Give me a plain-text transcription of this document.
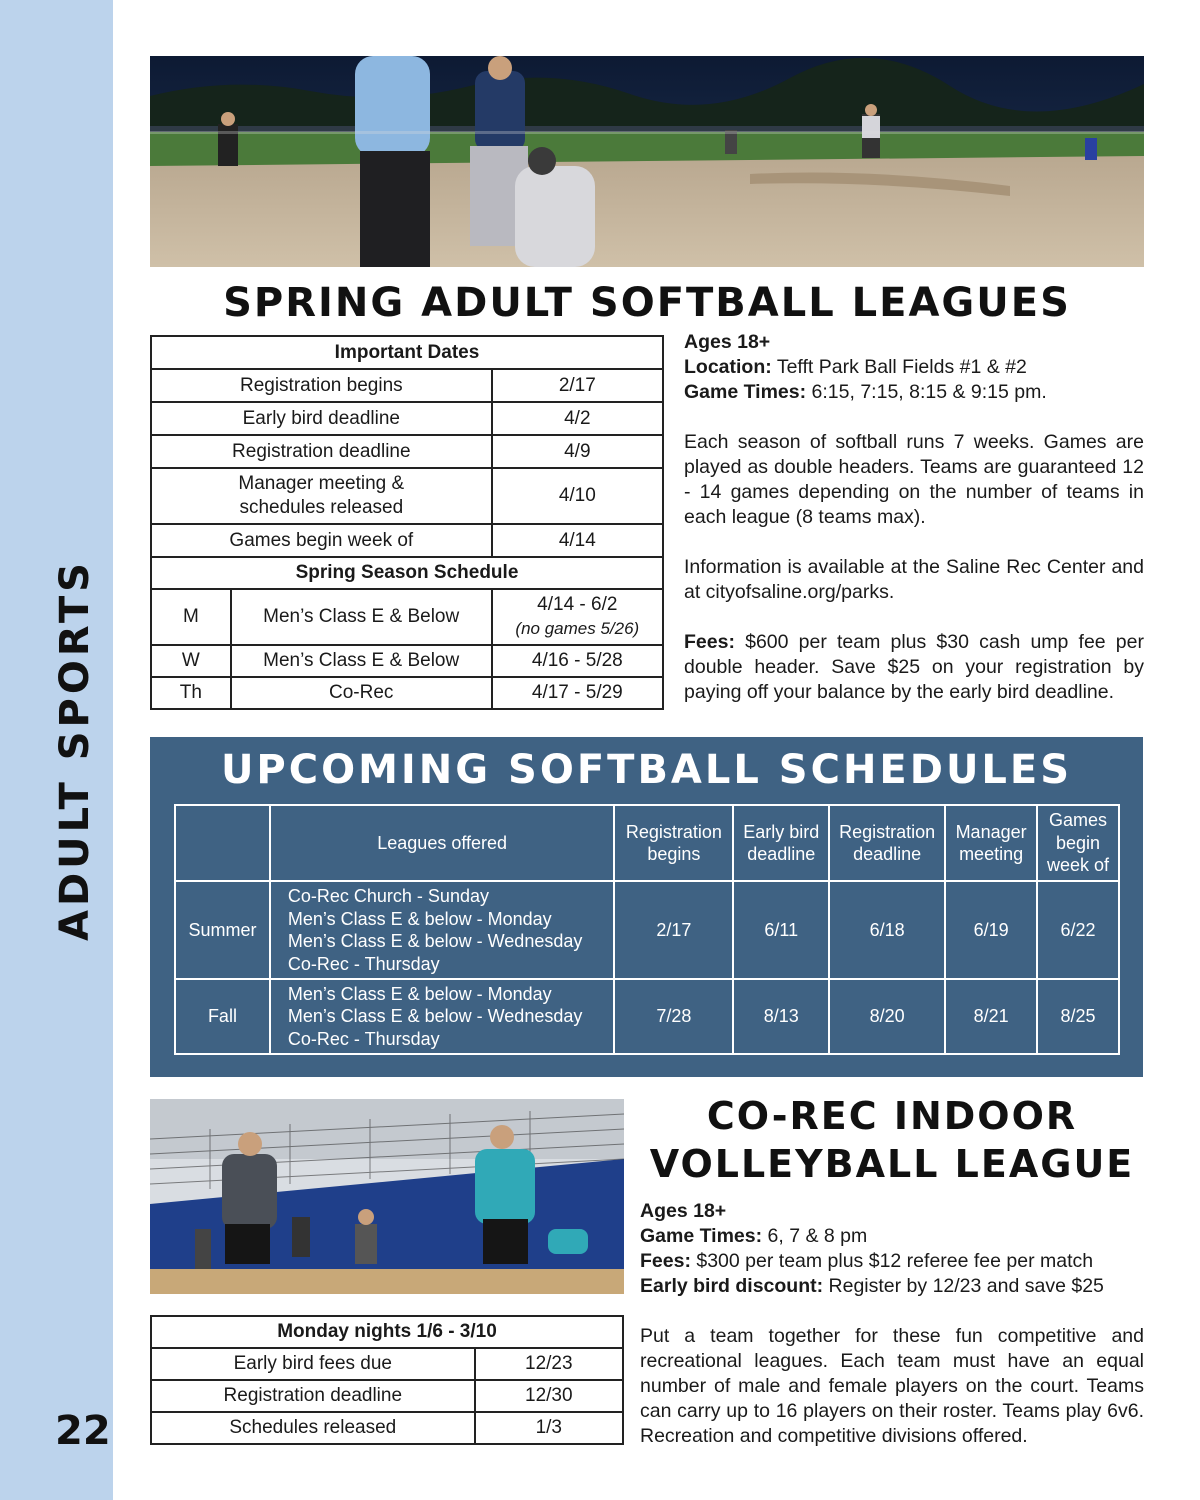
ADULT SPORTS
22
SPRING ADULT SOFTBALL LEAGUES
Important Dates		
Registration begins		2/17
Early bird deadline		4/2
Registration deadline		4/9
Manager meeting &
schedules released		4/10
Games begin week of		4/14
Spring Season Schedule		
M	Men’s Class E & Below	4/14 - 6/2
(no games 5/26)
W	Men’s Class E & Below	4/16 - 5/28
Th	Co-Rec	4/17 - 5/29

Ages 18+

Location: Tefft Park Ball Fields #1 & #2

Game Times: 6:15, 7:15, 8:15 & 9:15 pm.

Each season of softball runs 7 weeks. Games are played as double headers. Teams are guaranteed 12 - 14 games depending on the number of teams in each league (8 teams max).

Information is available at the Saline Rec Center and at cityofsaline.org/parks.

Fees: $600 per team plus $30 cash ump fee per double header. Save $25 on your registration by paying off your balance by the early bird deadline.

UPCOMING SOFTBALL SCHEDULES
	Leagues offered	Registration
begins	Early bird
deadline	Registration
deadline	Manager
meeting	Games
begin
week of
Summer	Co-Rec Church - Sunday
Men’s Class E & below - Monday
Men’s Class E & below - Wednesday
Co-Rec - Thursday	2/17	6/11	6/18	6/19	6/22
Fall	Men’s Class E & below - Monday
Men’s Class E & below - Wednesday
Co-Rec - Thursday	7/28	8/13	8/20	8/21	8/25
CO-REC INDOOR
VOLLEYBALL LEAGUE

Ages 18+

Game Times: 6, 7 & 8 pm

Fees: $300 per team plus $12 referee fee per match

Early bird discount: Register by 12/23 and save $25

Put a team together for these fun competitive and recreational leagues. Each team must have an equal number of male and female players on the court. Teams can carry up to 16 players on their roster. Teams play 6v6. Recreation and competitive divisions offered.

Monday nights 1/6 - 3/10	
Early bird fees due	12/23
Registration deadline	12/30
Schedules released	1/3
